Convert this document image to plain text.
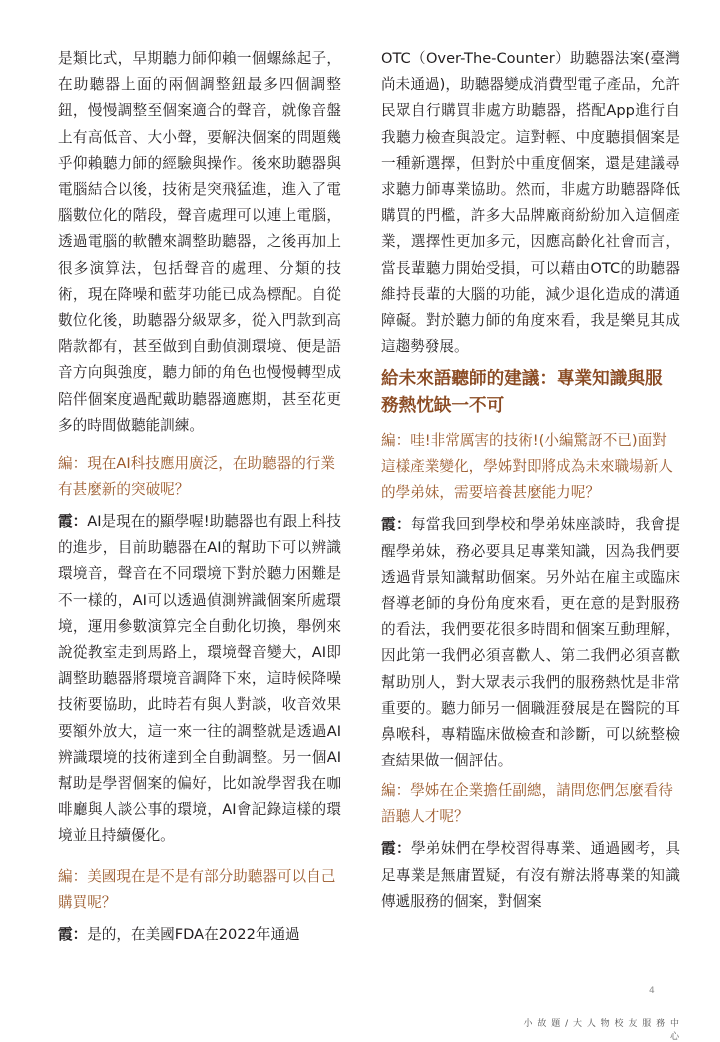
是類比式，早期聽力師仰賴一個螺絲起子，在助聽器上面的兩個調整鈕最多四個調整鈕，慢慢調整至個案適合的聲音，就像音盤上有高低音、大小聲，要解決個案的問題幾乎仰賴聽力師的經驗與操作。後來助聽器與電腦結合以後，技術是突飛猛進，進入了電腦數位化的階段，聲音處理可以連上電腦，透過電腦的軟體來調整助聽器，之後再加上很多演算法，包括聲音的處理、分類的技術，現在降噪和藍芽功能已成為標配。自從數位化後，助聽器分級眾多，從入門款到高階款都有，甚至做到自動偵測環境、便是語音方向與強度，聽力師的角色也慢慢轉型成陪伴個案度過配戴助聽器適應期，甚至花更多的時間做聽能訓練。

編：現在AI科技應用廣泛，在助聽器的行業有甚麼新的突破呢？

霞：AI是現在的顯學喔!助聽器也有跟上科技的進步，目前助聽器在AI的幫助下可以辨識環境音，聲音在不同環境下對於聽力困難是不一樣的，AI可以透過偵測辨識個案所處環境，運用參數演算完全自動化切換，舉例來說從教室走到馬路上，環境聲音變大，AI即調整助聽器將環境音調降下來，這時候降噪技術要協助，此時若有與人對談，收音效果要額外放大，這一來一往的調整就是透過AI辨識環境的技術達到全自動調整。另一個AI幫助是學習個案的偏好，比如說學習我在咖啡廳與人談公事的環境，AI會記錄這樣的環境並且持續優化。

編：美國現在是不是有部分助聽器可以自己購買呢？

霞：是的，在美國FDA在2022年通過

OTC（Over-The-Counter）助聽器法案(臺灣尚未通過)，助聽器變成消費型電子產品，允許民眾自行購買非處方助聽器，搭配App進行自我聽力檢查與設定。這對輕、中度聽損個案是一種新選擇，但對於中重度個案，還是建議尋求聽力師專業協助。然而，非處方助聽器降低購買的門檻，許多大品牌廠商紛紛加入這個產業，選擇性更加多元，因應高齡化社會而言，當長輩聽力開始受損，可以藉由OTC的助聽器維持長輩的大腦的功能，減少退化造成的溝通障礙。對於聽力師的角度來看，我是樂見其成這趨勢發展。

給未來語聽師的建議：專業知識與服務熱忱缺一不可

編：哇!非常厲害的技術!(小編驚訝不已)面對這樣產業變化，學姊對即將成為未來職場新人的學弟妹，需要培養甚麼能力呢？

霞：每當我回到學校和學弟妹座談時，我會提醒學弟妹，務必要具足專業知識，因為我們要透過背景知識幫助個案。另外站在雇主或臨床督導老師的身份角度來看，更在意的是對服務的看法，我們要花很多時間和個案互動理解，因此第一我們必須喜歡人、第二我們必須喜歡幫助別人，對大眾表示我們的服務熱忱是非常重要的。聽力師另一個職涯發展是在醫院的耳鼻喉科，專精臨床做檢查和診斷，可以統整檢查結果做一個評估。

編：學姊在企業擔任副總，請問您們怎麼看待語聽人才呢？

霞：學弟妹們在學校習得專業、通過國考，具足專業是無庸置疑，有沒有辦法將專業的知識傳遞服務的個案，對個案

4
小 故 題 / 大 人 物 校 友 服 務 中 心
